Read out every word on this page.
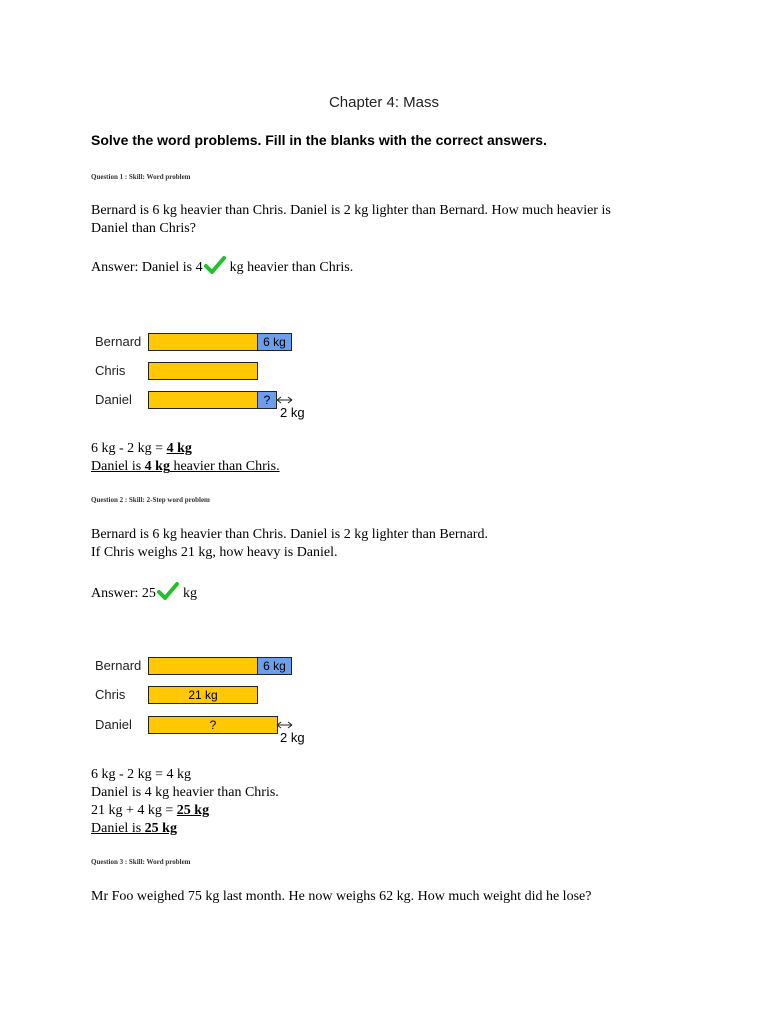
Chapter 4: Mass
Solve the word problems. Fill in the blanks with the correct answers.
Question 1 : Skill: Word problem
Bernard is 6 kg heavier than Chris. Daniel is 2 kg lighter than Bernard. How much heavier is
Daniel than Chris?
Answer: Daniel is 4 kg heavier than Chris.
Bernard	6 kg
Chris
Daniel	?
2 kg
6 kg - 2 kg = 4 kg
Daniel is 4 kg heavier than Chris.
Question 2 : Skill: 2-Step word problem
Bernard is 6 kg heavier than Chris. Daniel is 2 kg lighter than Bernard.
If Chris weighs 21 kg, how heavy is Daniel.
Answer: 25 kg
Bernard	6 kg
Chris	21 kg
Daniel	?
2 kg
6 kg - 2 kg = 4 kg
Daniel is 4 kg heavier than Chris.
21 kg + 4 kg = 25 kg
Daniel is 25 kg
Question 3 : Skill: Word problem
Mr Foo weighed 75 kg last month. He now weighs 62 kg. How much weight did he lose?
